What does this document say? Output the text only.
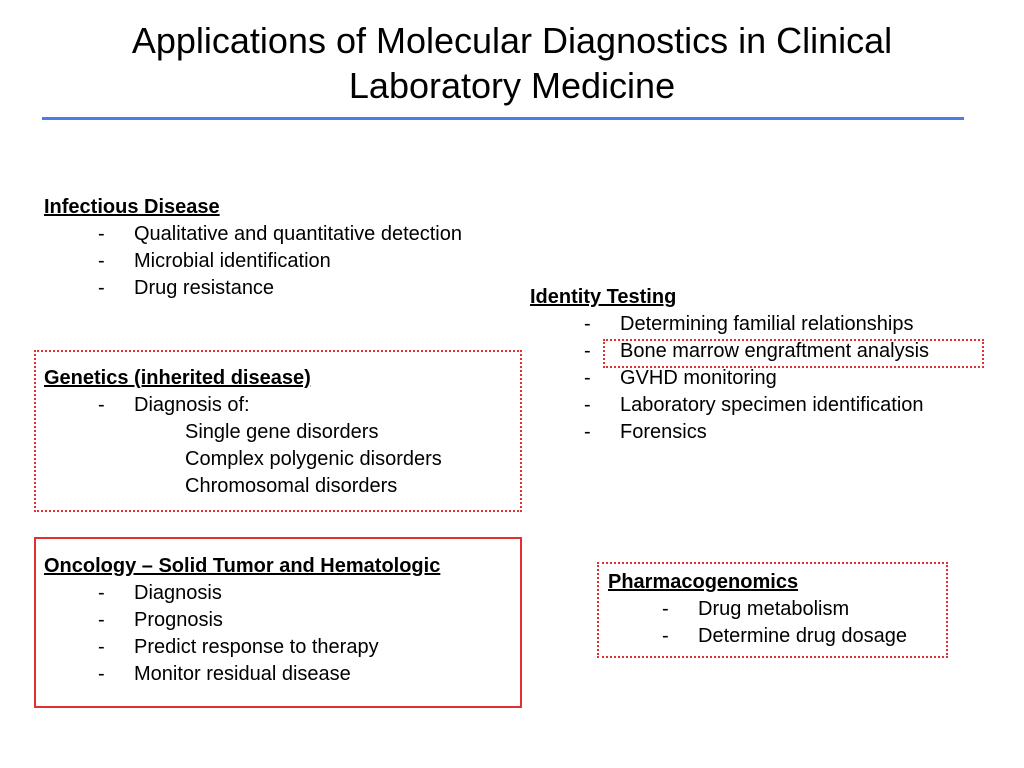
Applications of Molecular Diagnostics in Clinical Laboratory Medicine
Infectious Disease
- Qualitative and quantitative detection
- Microbial identification
- Drug resistance	Identity Testing
- Determining familial relationships
- Bone marrow engraftment analysis
- GVHD monitoring
- Laboratory specimen identification
- Forensics
Genetics (inherited disease)
- Diagnosis of:
Single gene disorders
Complex polygenic disorders
Chromosomal disorders
Oncology – Solid Tumor and Hematologic
- Diagnosis
- Prognosis
- Predict response to therapy
- Monitor residual disease
Pharmacogenomics
- Drug metabolism
- Determine drug dosage
